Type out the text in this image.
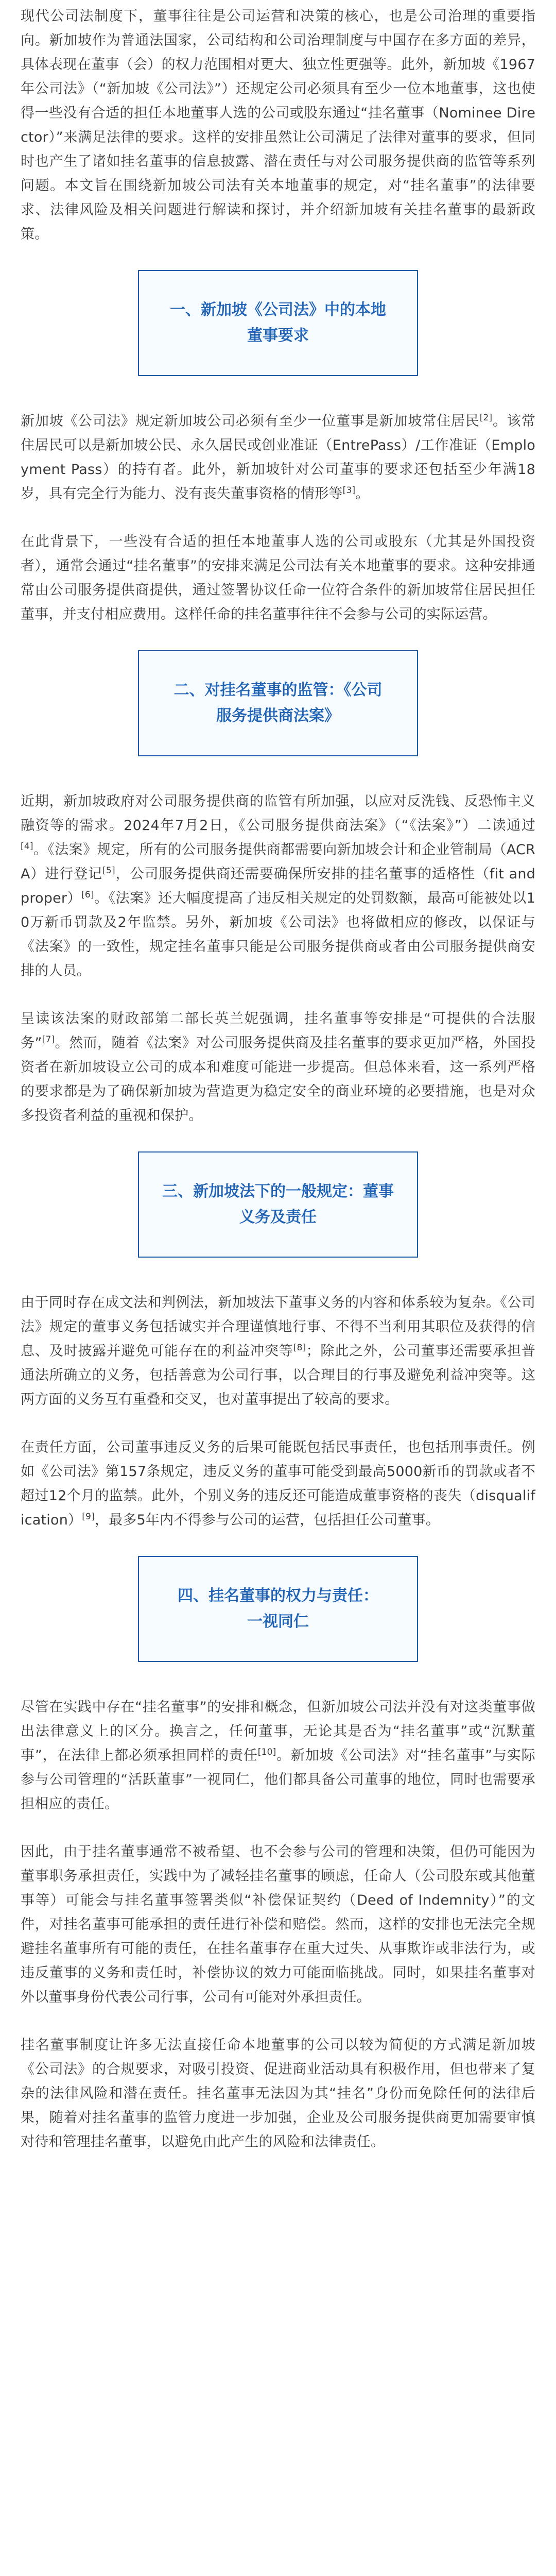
现代公司法制度下，董事往往是公司运营和决策的核心，也是公司治理的重要指向。新加坡作为普通法国家，公司结构和公司治理制度与中国存在多方面的差异，具体表现在董事（会）的权力范围相对更大、独立性更强等。此外，新加坡《1967年公司法》（“新加坡《公司法》”）还规定公司必须具有至少一位本地董事，这也使得一些没有合适的担任本地董事人选的公司或股东通过“挂名董事（Nominee Director）”来满足法律的要求。这样的安排虽然让公司满足了法律对董事的要求，但同时也产生了诸如挂名董事的信息披露、潜在责任与对公司服务提供商的监管等系列问题。本文旨在围绕新加坡公司法有关本地董事的规定，对“挂名董事”的法律要求、法律风险及相关问题进行解读和探讨，并介绍新加坡有关挂名董事的最新政策。

一、新加坡《公司法》中的本地
董事要求

新加坡《公司法》规定新加坡公司必须有至少一位董事是新加坡常住居民[2]。该常住居民可以是新加坡公民、永久居民或创业准证（EntrePass）/工作准证（Employment Pass）的持有者。此外，新加坡针对公司董事的要求还包括至少年满18岁，具有完全行为能力、没有丧失董事资格的情形等[3]。

在此背景下，一些没有合适的担任本地董事人选的公司或股东（尤其是外国投资者），通常会通过“挂名董事”的安排来满足公司法有关本地董事的要求。这种安排通常由公司服务提供商提供，通过签署协议任命一位符合条件的新加坡常住居民担任董事，并支付相应费用。这样任命的挂名董事往往不会参与公司的实际运营。

二、对挂名董事的监管：《公司
服务提供商法案》

近期，新加坡政府对公司服务提供商的监管有所加强，以应对反洗钱、反恐怖主义融资等的需求。2024年7月2日，《公司服务提供商法案》（“《法案》”）二读通过[4]。《法案》规定，所有的公司服务提供商都需要向新加坡会计和企业管制局（ACRA）进行登记[5]，公司服务提供商还需要确保所安排的挂名董事的适格性（fit and proper）[6]。《法案》还大幅度提高了违反相关规定的处罚数额，最高可能被处以10万新币罚款及2年监禁。另外，新加坡《公司法》也将做相应的修改，以保证与《法案》的一致性，规定挂名董事只能是公司服务提供商或者由公司服务提供商安排的人员。

呈读该法案的财政部第二部长英兰妮强调，挂名董事等安排是“可提供的合法服务”[7]。然而，随着《法案》对公司服务提供商及挂名董事的要求更加严格，外国投资者在新加坡设立公司的成本和难度可能进一步提高。但总体来看，这一系列严格的要求都是为了确保新加坡为营造更为稳定安全的商业环境的必要措施，也是对众多投资者利益的重视和保护。

三、新加坡法下的一般规定：董事
义务及责任

由于同时存在成文法和判例法，新加坡法下董事义务的内容和体系较为复杂。《公司法》规定的董事义务包括诚实并合理谨慎地行事、不得不当利用其职位及获得的信息、及时披露并避免可能存在的利益冲突等[8]；除此之外，公司董事还需要承担普通法所确立的义务，包括善意为公司行事，以合理目的行事及避免利益冲突等。这两方面的义务互有重叠和交叉，也对董事提出了较高的要求。

在责任方面，公司董事违反义务的后果可能既包括民事责任，也包括刑事责任。例如《公司法》第157条规定，违反义务的董事可能受到最高5000新币的罚款或者不超过12个月的监禁。此外，个别义务的违反还可能造成董事资格的丧失（disqualification）[9]，最多5年内不得参与公司的运营，包括担任公司董事。

四、挂名董事的权力与责任：
一视同仁

尽管在实践中存在“挂名董事”的安排和概念，但新加坡公司法并没有对这类董事做出法律意义上的区分。换言之，任何董事，无论其是否为“挂名董事”或“沉默董事”，在法律上都必须承担同样的责任[10]。新加坡《公司法》对“挂名董事”与实际参与公司管理的“活跃董事”一视同仁，他们都具备公司董事的地位，同时也需要承担相应的责任。

因此，由于挂名董事通常不被希望、也不会参与公司的管理和决策，但仍可能因为董事职务承担责任，实践中为了减轻挂名董事的顾虑，任命人（公司股东或其他董事等）可能会与挂名董事签署类似“补偿保证契约（Deed of Indemnity）”的文件，对挂名董事可能承担的责任进行补偿和赔偿。然而，这样的安排也无法完全规避挂名董事所有可能的责任，在挂名董事存在重大过失、从事欺诈或非法行为，或违反董事的义务和责任时，补偿协议的效力可能面临挑战。同时，如果挂名董事对外以董事身份代表公司行事，公司有可能对外承担责任。

挂名董事制度让许多无法直接任命本地董事的公司以较为简便的方式满足新加坡《公司法》的合规要求，对吸引投资、促进商业活动具有积极作用，但也带来了复杂的法律风险和潜在责任。挂名董事无法因为其“挂名”身份而免除任何的法律后果，随着对挂名董事的监管力度进一步加强，企业及公司服务提供商更加需要审慎对待和管理挂名董事，以避免由此产生的风险和法律责任。
